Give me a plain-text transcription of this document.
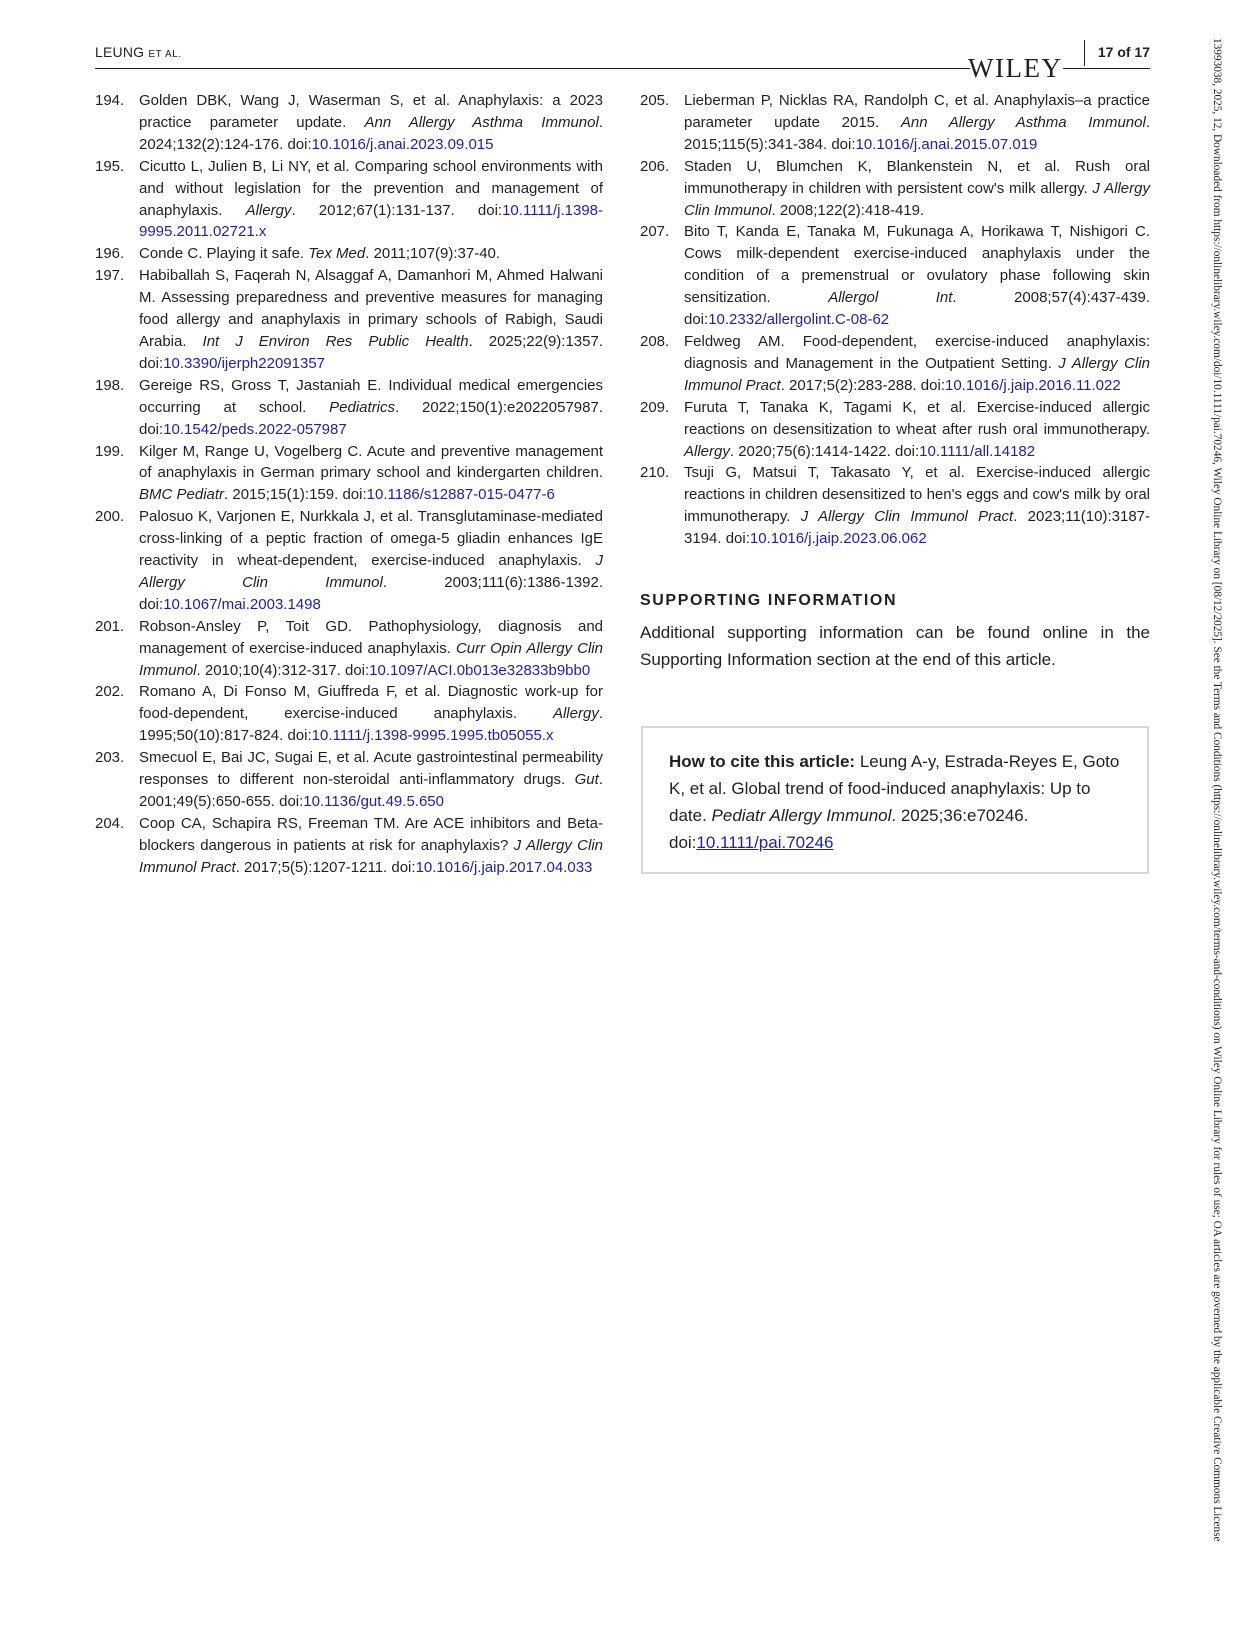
LEUNG ET AL.	WILEY
17 of 17
194. Golden DBK, Wang J, Waserman S, et al. Anaphylaxis: a 2023 practice parameter update. Ann Allergy Asthma Immunol. 2024;132(2):124-176. doi:10.1016/j.anai.2023.09.015
195. Cicutto L, Julien B, Li NY, et al. Comparing school environments with and without legislation for the prevention and management of anaphylaxis. Allergy. 2012;67(1):131-137. doi:10.1111/j.1398-9995.2011.02721.x
196. Conde C. Playing it safe. Tex Med. 2011;107(9):37-40.
197. Habiballah S, Faqerah N, Alsaggaf A, Damanhori M, Ahmed Halwani M. Assessing preparedness and preventive measures for managing food allergy and anaphylaxis in primary schools of Rabigh, Saudi Arabia. Int J Environ Res Public Health. 2025;22(9):1357. doi:10.3390/ijerph22091357
198. Gereige RS, Gross T, Jastaniah E. Individual medical emergencies occurring at school. Pediatrics. 2022;150(1):e2022057987. doi:10.1542/peds.2022-057987
199. Kilger M, Range U, Vogelberg C. Acute and preventive management of anaphylaxis in German primary school and kindergarten children. BMC Pediatr. 2015;15(1):159. doi:10.1186/s12887-015-0477-6
200. Palosuo K, Varjonen E, Nurkkala J, et al. Transglutaminase-mediated cross-linking of a peptic fraction of omega-5 gliadin enhances IgE reactivity in wheat-dependent, exercise-induced anaphylaxis. J Allergy Clin Immunol. 2003;111(6):1386-1392. doi:10.1067/mai.2003.1498
201. Robson-Ansley P, Toit GD. Pathophysiology, diagnosis and management of exercise-induced anaphylaxis. Curr Opin Allergy Clin Immunol. 2010;10(4):312-317. doi:10.1097/ACI.0b013e32833b9bb0
202. Romano A, Di Fonso M, Giuffreda F, et al. Diagnostic work-up for food-dependent, exercise-induced anaphylaxis. Allergy. 1995;50(10):817-824. doi:10.1111/j.1398-9995.1995.tb05055.x
203. Smecuol E, Bai JC, Sugai E, et al. Acute gastrointestinal permeability responses to different non-steroidal anti-inflammatory drugs. Gut. 2001;49(5):650-655. doi:10.1136/gut.49.5.650
204. Coop CA, Schapira RS, Freeman TM. Are ACE inhibitors and Beta-blockers dangerous in patients at risk for anaphylaxis? J Allergy Clin Immunol Pract. 2017;5(5):1207-1211. doi:10.1016/j.jaip.2017.04.033
205. Lieberman P, Nicklas RA, Randolph C, et al. Anaphylaxis–a practice parameter update 2015. Ann Allergy Asthma Immunol. 2015;115(5):341-384. doi:10.1016/j.anai.2015.07.019
206. Staden U, Blumchen K, Blankenstein N, et al. Rush oral immunotherapy in children with persistent cow's milk allergy. J Allergy Clin Immunol. 2008;122(2):418-419.
207. Bito T, Kanda E, Tanaka M, Fukunaga A, Horikawa T, Nishigori C. Cows milk-dependent exercise-induced anaphylaxis under the condition of a premenstrual or ovulatory phase following skin sensitization. Allergol Int. 2008;57(4):437-439. doi:10.2332/allergolint.C-08-62
208. Feldweg AM. Food-dependent, exercise-induced anaphylaxis: diagnosis and Management in the Outpatient Setting. J Allergy Clin Immunol Pract. 2017;5(2):283-288. doi:10.1016/j.jaip.2016.11.022
209. Furuta T, Tanaka K, Tagami K, et al. Exercise-induced allergic reactions on desensitization to wheat after rush oral immunotherapy. Allergy. 2020;75(6):1414-1422. doi:10.1111/all.14182
210. Tsuji G, Matsui T, Takasato Y, et al. Exercise-induced allergic reactions in children desensitized to hen's eggs and cow's milk by oral immunotherapy. J Allergy Clin Immunol Pract. 2023;11(10):3187-3194. doi:10.1016/j.jaip.2023.06.062
SUPPORTING INFORMATION
Additional supporting information can be found online in the Supporting Information section at the end of this article.
How to cite this article: Leung A-y, Estrada-Reyes E, Goto K, et al. Global trend of food-induced anaphylaxis: Up to date. Pediatr Allergy Immunol. 2025;36:e70246. doi:10.1111/pai.70246	13993038, 2025, 12, Downloaded from https://onlinelibrary.wiley.com/doi/10.1111/pai.70246, Wiley Online Library on [08/12/2025]. See the Terms and Conditions (https://onlinelibrary.wiley.com/terms-and-conditions) on Wiley Online Library for rules of use; OA articles are governed by the applicable Creative Commons License
